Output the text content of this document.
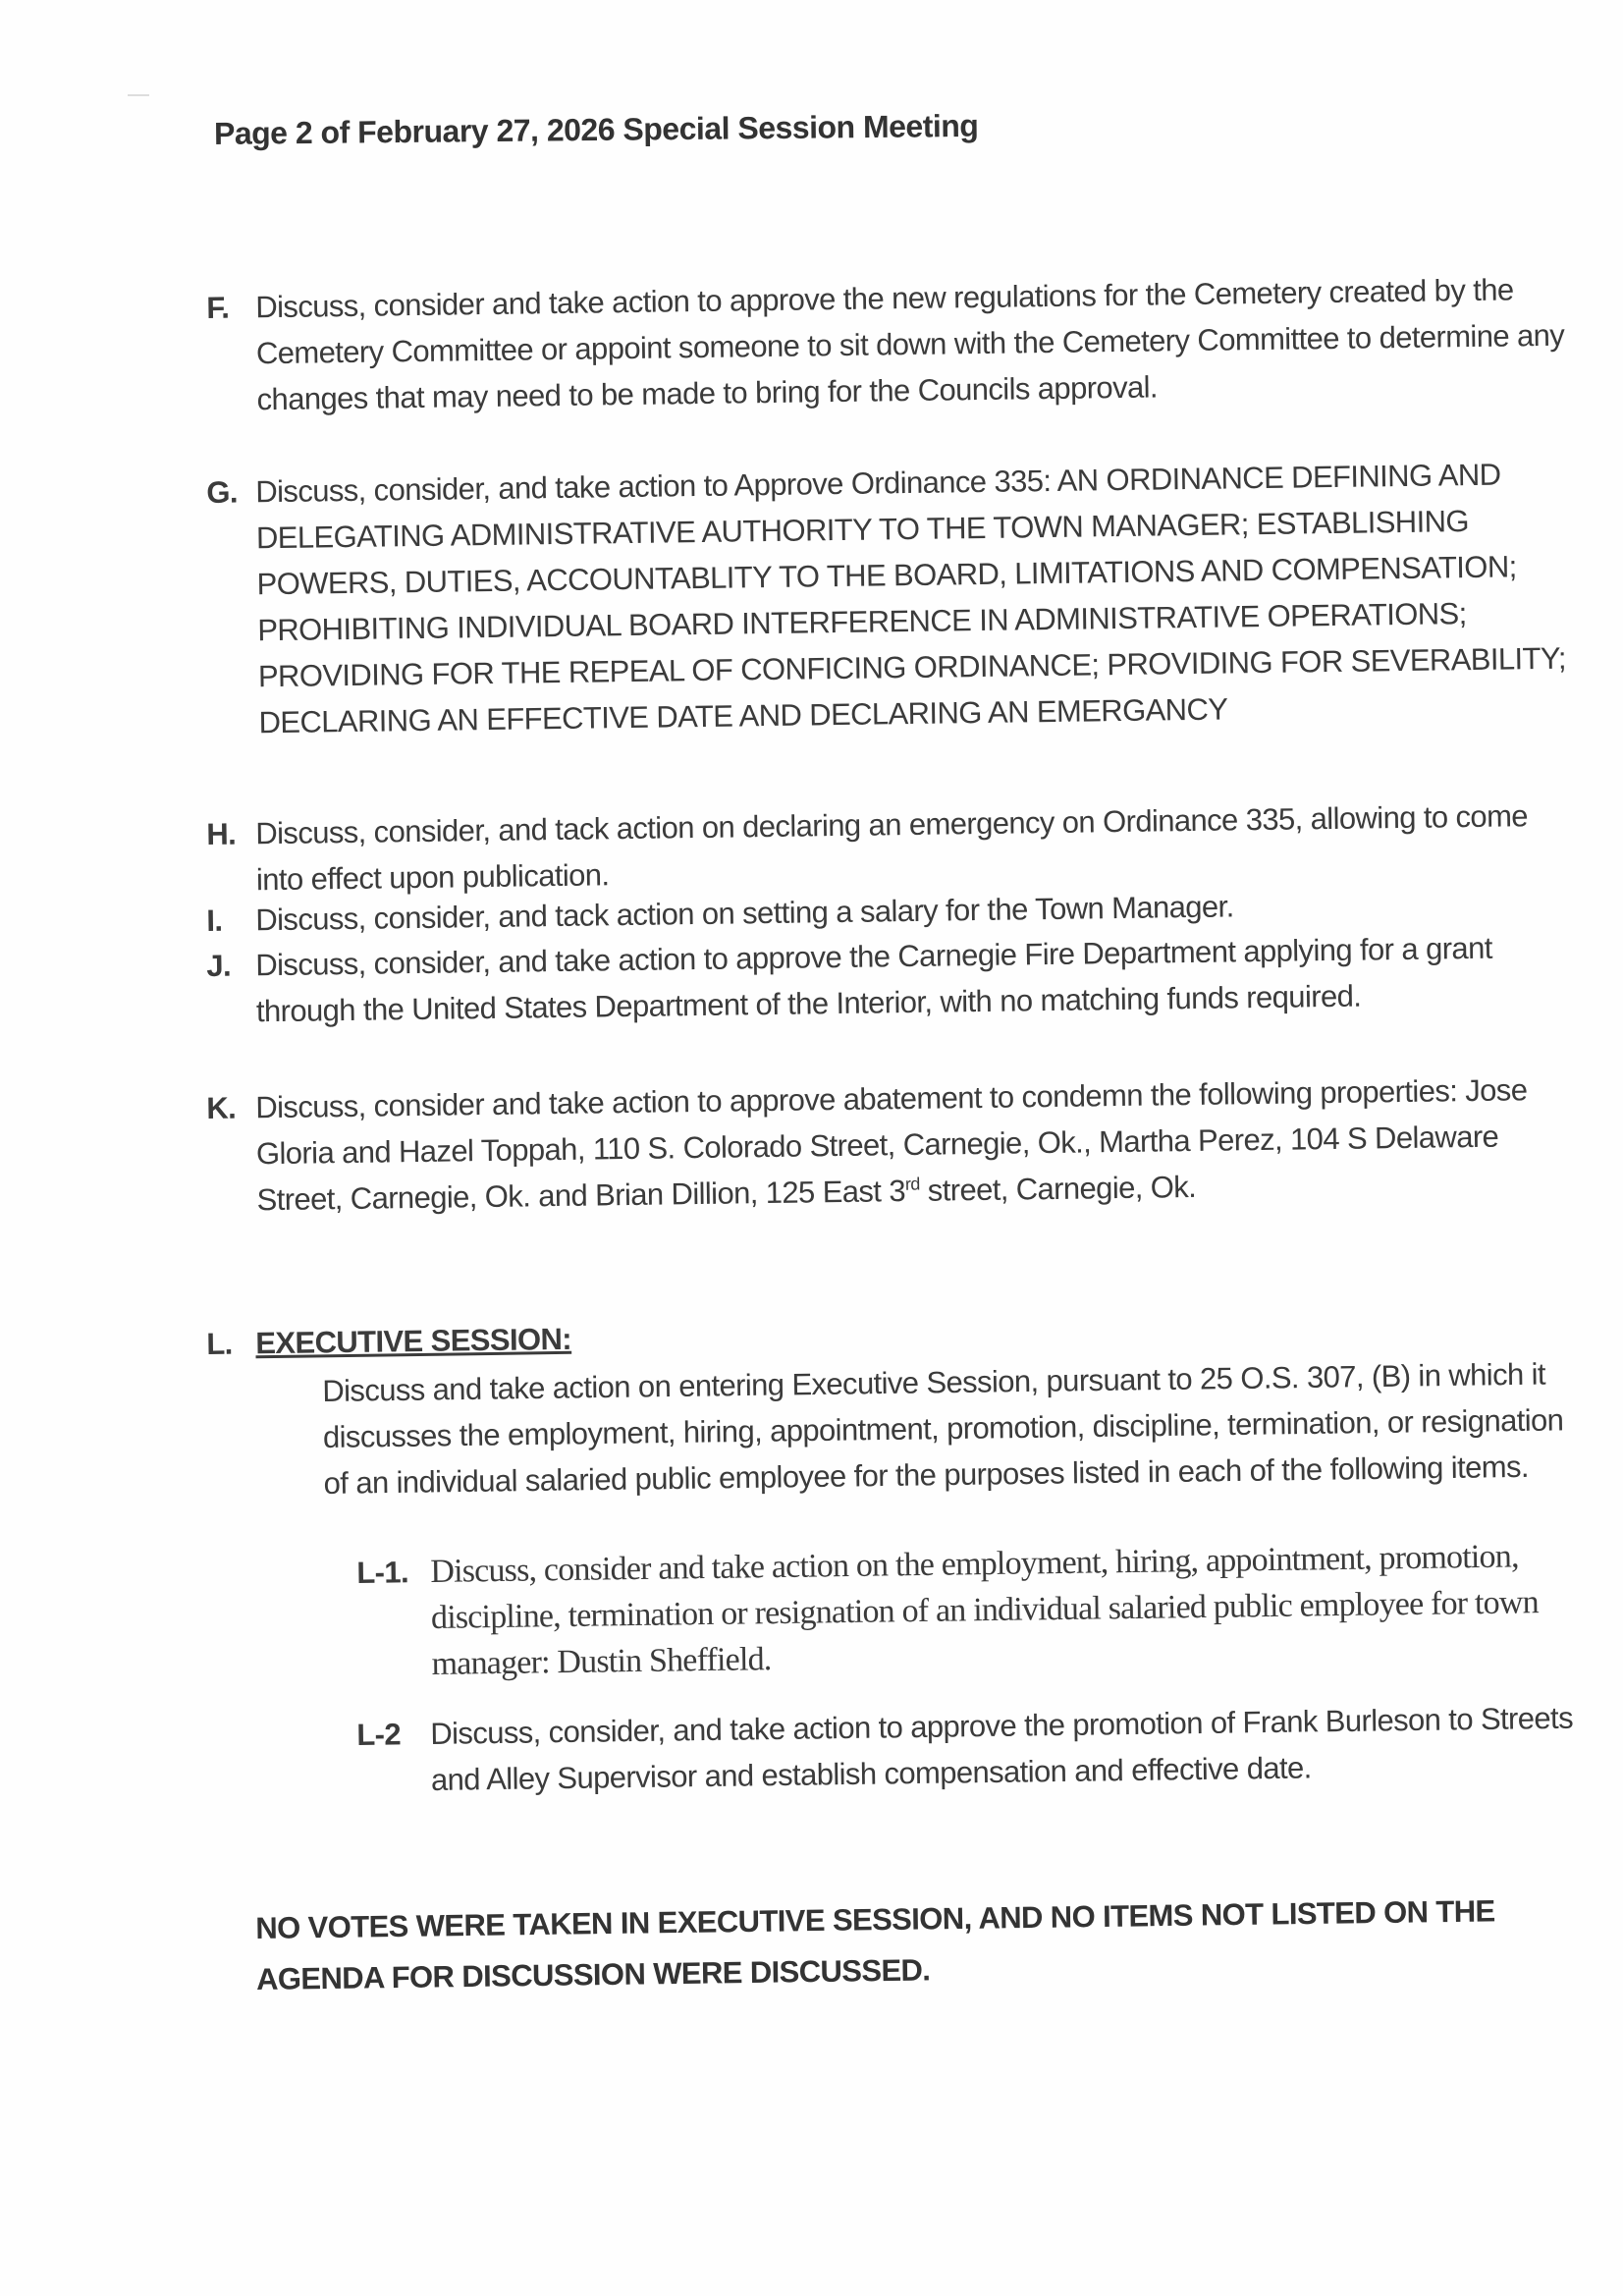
Page 2 of February 27, 2026 Special Session Meeting
F. Discuss, consider and take action to approve the new regulations for the Cemetery created by the Cemetery Committee or appoint someone to sit down with the Cemetery Committee to determine any changes that may need to be made to bring for the Councils approval.
G. Discuss, consider, and take action to Approve Ordinance 335: AN ORDINANCE DEFINING AND DELEGATING ADMINISTRATIVE AUTHORITY TO THE TOWN MANAGER; ESTABLISHING POWERS, DUTIES, ACCOUNTABLITY TO THE BOARD, LIMITATIONS AND COMPENSATION; PROHIBITING INDIVIDUAL BOARD INTERFERENCE IN ADMINISTRATIVE OPERATIONS; PROVIDING FOR THE REPEAL OF CONFICING ORDINANCE; PROVIDING FOR SEVERABILITY; DECLARING AN EFFECTIVE DATE AND DECLARING AN EMERGANCY
H. Discuss, consider, and tack action on declaring an emergency on Ordinance 335, allowing to come into effect upon publication.
I. Discuss, consider, and tack action on setting a salary for the Town Manager.
J. Discuss, consider, and take action to approve the Carnegie Fire Department applying for a grant through the United States Department of the Interior, with no matching funds required.
K. Discuss, consider and take action to approve abatement to condemn the following properties: Jose Gloria and Hazel Toppah, 110 S. Colorado Street, Carnegie, Ok., Martha Perez, 104 S Delaware Street, Carnegie, Ok. and Brian Dillion, 125 East 3rd street, Carnegie, Ok.
L. EXECUTIVE SESSION:
Discuss and take action on entering Executive Session, pursuant to 25 O.S. 307, (B) in which it discusses the employment, hiring, appointment, promotion, discipline, termination, or resignation of an individual salaried public employee for the purposes listed in each of the following items.
L-1. Discuss, consider and take action on the employment, hiring, appointment, promotion, discipline, termination or resignation of an individual salaried public employee for town manager: Dustin Sheffield.
L-2 Discuss, consider, and take action to approve the promotion of Frank Burleson to Streets and Alley Supervisor and establish compensation and effective date.
NO VOTES WERE TAKEN IN EXECUTIVE SESSION, AND NO ITEMS NOT LISTED ON THE AGENDA FOR DISCUSSION WERE DISCUSSED.
